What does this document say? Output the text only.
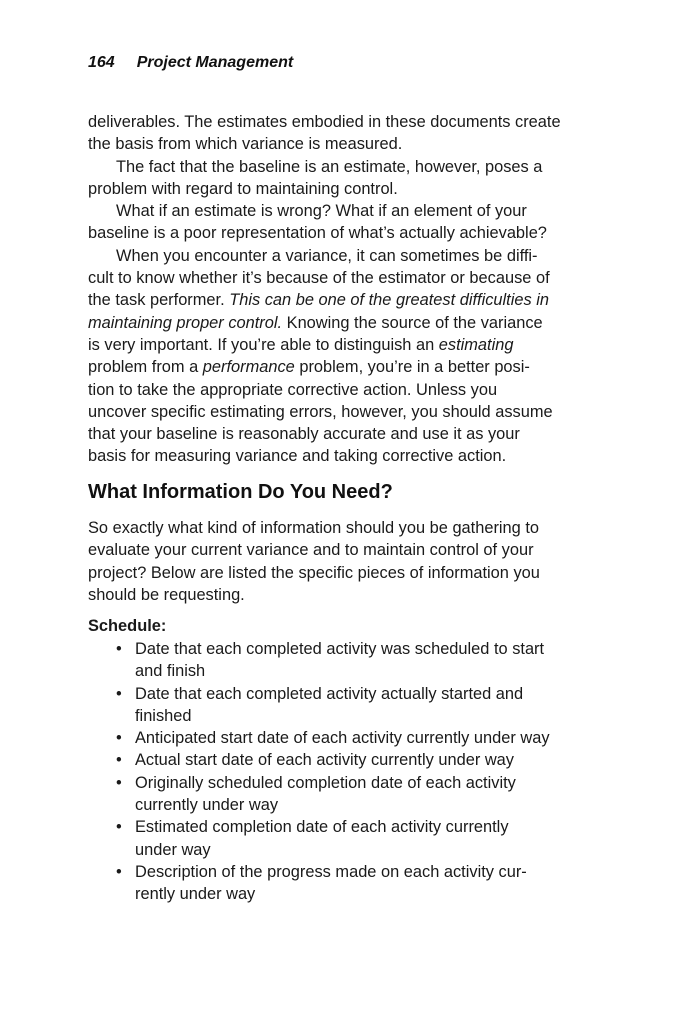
164 Project Management

deliverables. The estimates embodied in these documents create
the basis from which variance is measured.

The fact that the baseline is an estimate, however, poses a
problem with regard to maintaining control.

What if an estimate is wrong? What if an element of your
baseline is a poor representation of what’s actually achievable?

When you encounter a variance, it can sometimes be diffi-
cult to know whether it’s because of the estimator or because of
the task performer. This can be one of the greatest difficulties in
maintaining proper control. Knowing the source of the variance
is very important. If you’re able to distinguish an estimating
problem from a performance problem, you’re in a better posi-
tion to take the appropriate corrective action. Unless you
uncover specific estimating errors, however, you should assume
that your baseline is reasonably accurate and use it as your
basis for measuring variance and taking corrective action.

What Information Do You Need?
So exactly what kind of information should you be gathering to
evaluate your current variance and to maintain control of your
project? Below are listed the specific pieces of information you
should be requesting.
Schedule:
• Date that each completed activity was scheduled to start
and finish
• Date that each completed activity actually started and
finished
• Anticipated start date of each activity currently under way
• Actual start date of each activity currently under way
• Originally scheduled completion date of each activity
currently under way
• Estimated completion date of each activity currently
under way
• Description of the progress made on each activity cur-
rently under way
